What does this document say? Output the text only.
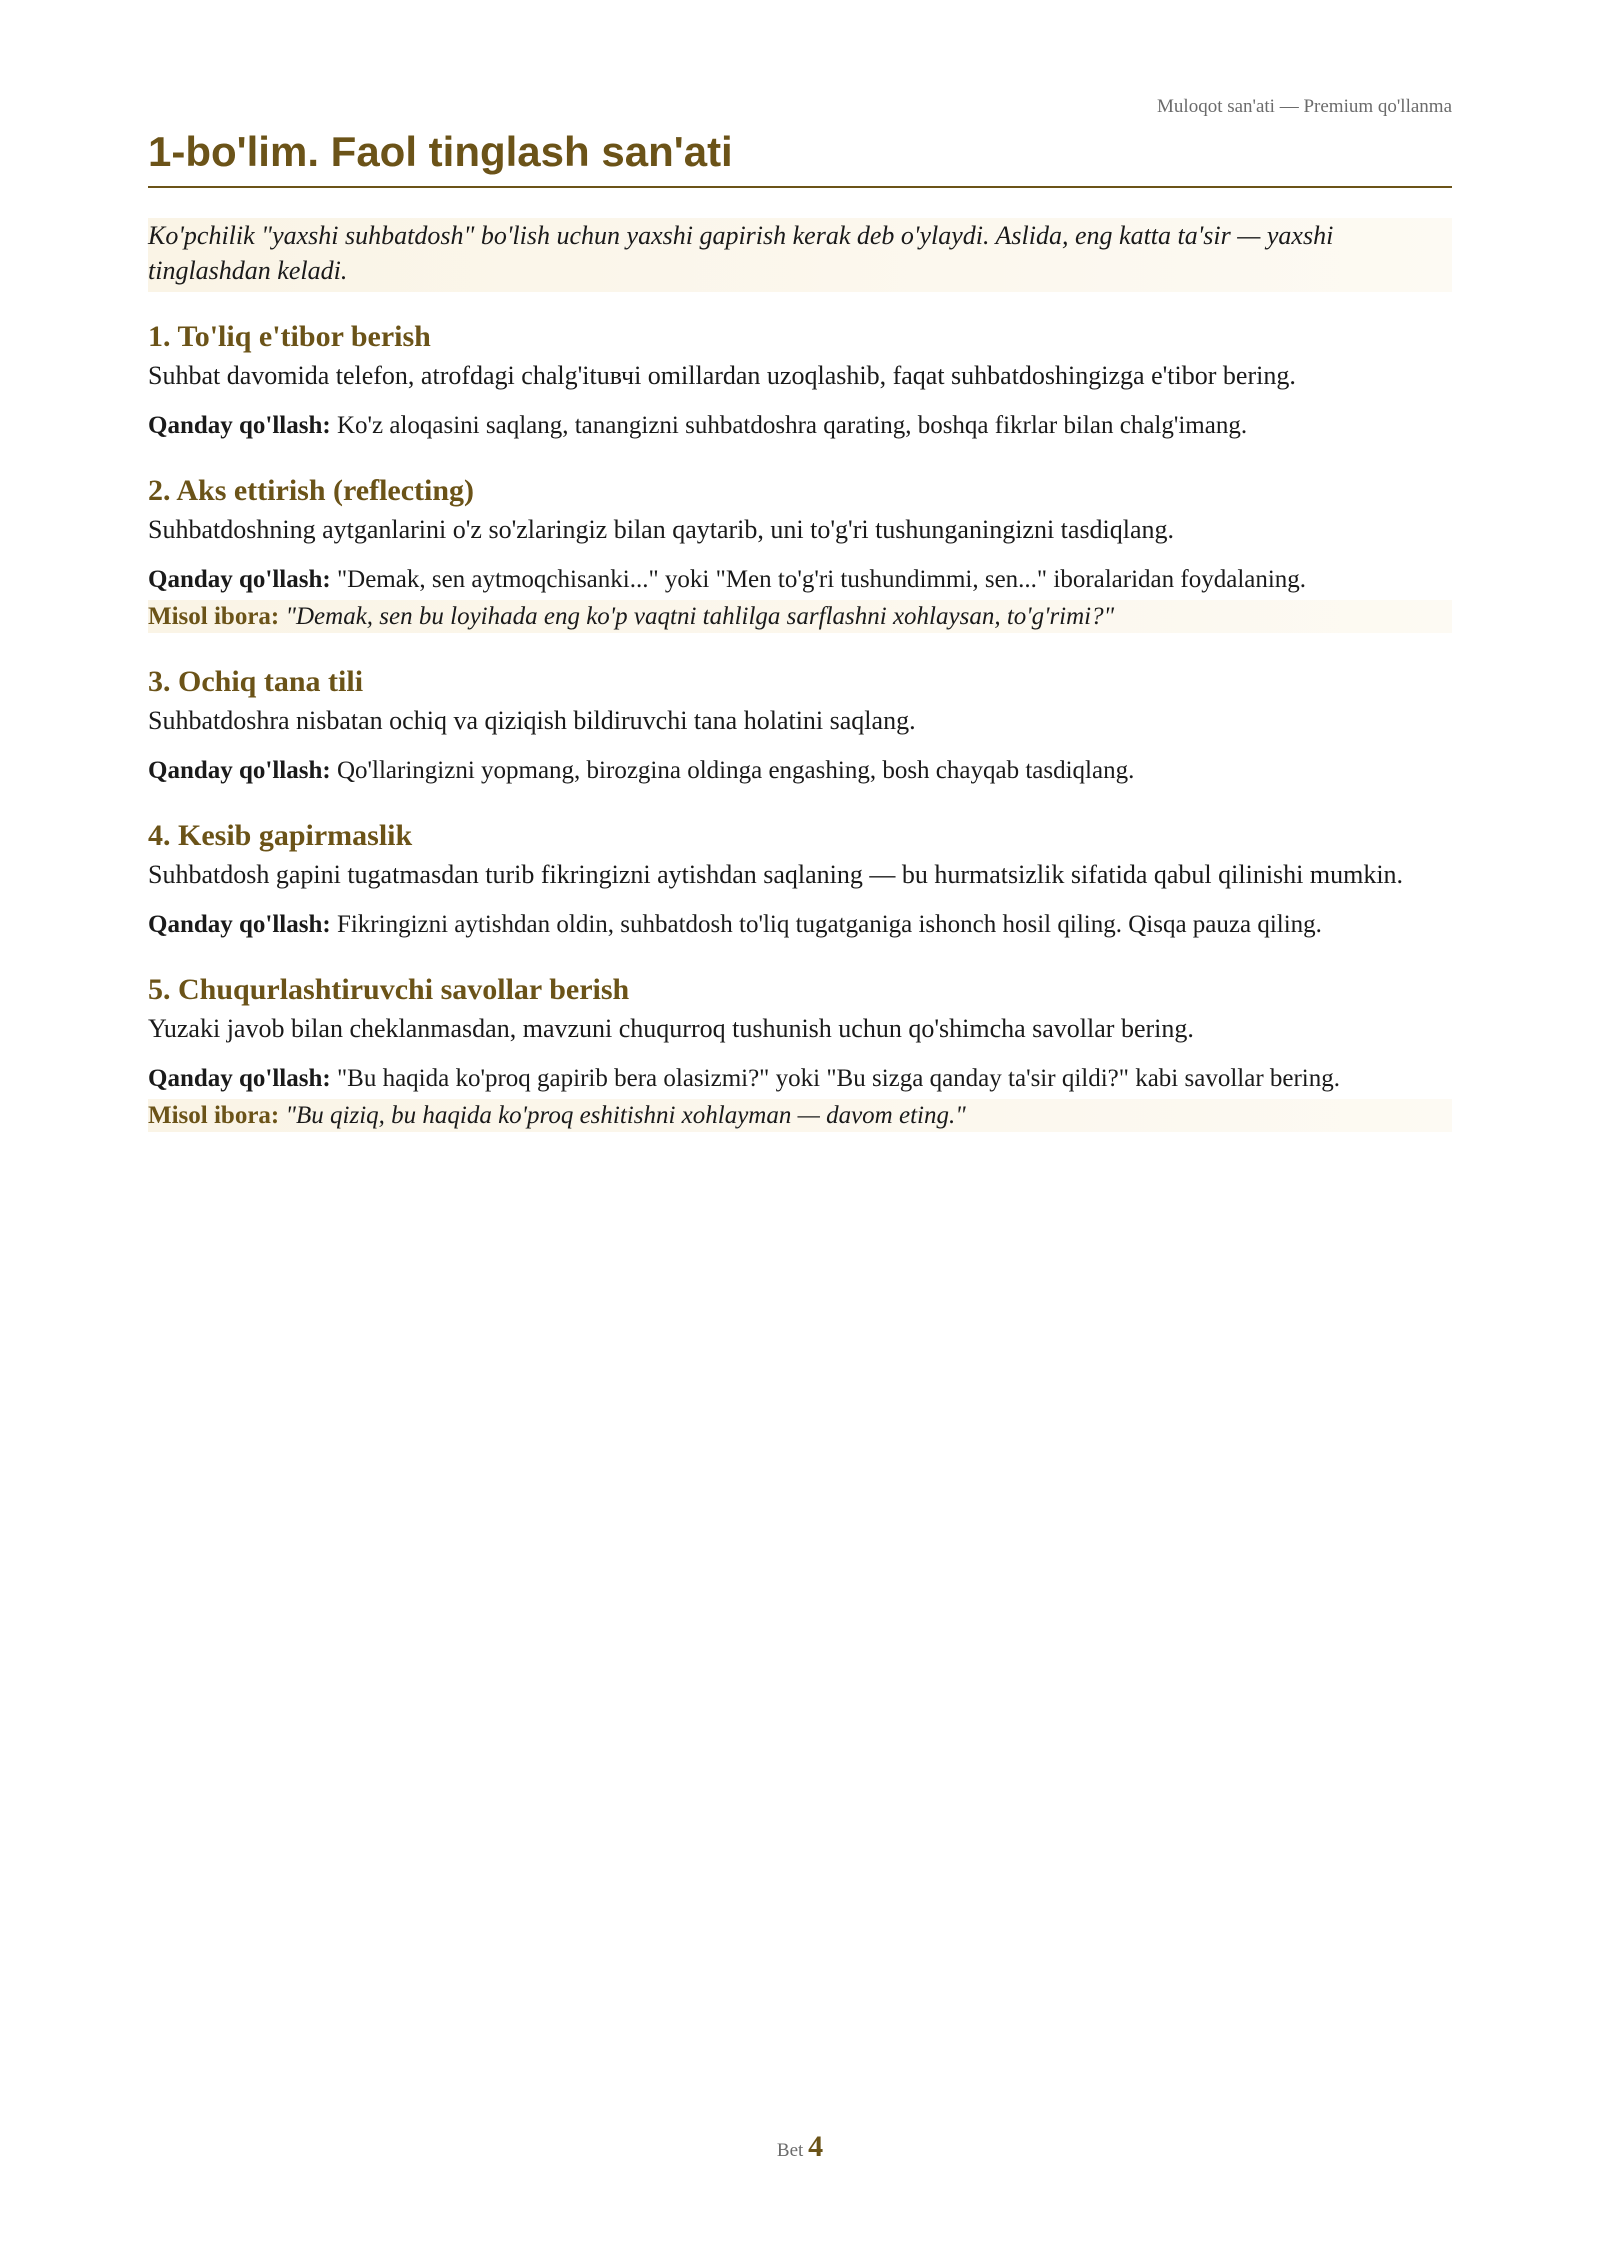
Muloqot san'ati — Premium qo'llanma
1-bo'lim. Faol tinglash san'ati

Ko'pchilik "yaxshi suhbatdosh" bo'lish uchun yaxshi gapirish kerak deb o'ylaydi. Aslida, eng katta ta'sir — yaxshi tinglashdan keladi.

1. To'liq e'tibor berish

Suhbat davomida telefon, atrofdagi chalg'ituвчi omillardan uzoqlashib, faqat suhbatdoshingizga e'tibor bering.

Qanday qo'llash: Ko'z aloqasini saqlang, tanangizni suhbatdoshra qarating, boshqa fikrlar bilan chalg'imang.

2. Aks ettirish (reflecting)

Suhbatdoshning aytganlarini o'z so'zlaringiz bilan qaytarib, uni to'g'ri tushunganingizni tasdiqlang.

Qanday qo'llash: "Demak, sen aytmoqchisanki..." yoki "Men to'g'ri tushundimmi, sen..." iboralaridan foydalaning.

Misol ibora: "Demak, sen bu loyihada eng ko'p vaqtni tahlilga sarflashni xohlaysan, to'g'rimi?"

3. Ochiq tana tili

Suhbatdoshra nisbatan ochiq va qiziqish bildiruvchi tana holatini saqlang.

Qanday qo'llash: Qo'llaringizni yopmang, birozgina oldinga engashing, bosh chayqab tasdiqlang.

4. Kesib gapirmaslik

Suhbatdosh gapini tugatmasdan turib fikringizni aytishdan saqlaning — bu hurmatsizlik sifatida qabul qilinishi mumkin.

Qanday qo'llash: Fikringizni aytishdan oldin, suhbatdosh to'liq tugatganiga ishonch hosil qiling. Qisqa pauza qiling.

5. Chuqurlashtiruvchi savollar berish

Yuzaki javob bilan cheklanmasdan, mavzuni chuqurroq tushunish uchun qo'shimcha savollar bering.

Qanday qo'llash: "Bu haqida ko'proq gapirib bera olasizmi?" yoki "Bu sizga qanday ta'sir qildi?" kabi savollar bering.

Misol ibora: "Bu qiziq, bu haqida ko'proq eshitishni xohlayman — davom eting."

Bet 4
